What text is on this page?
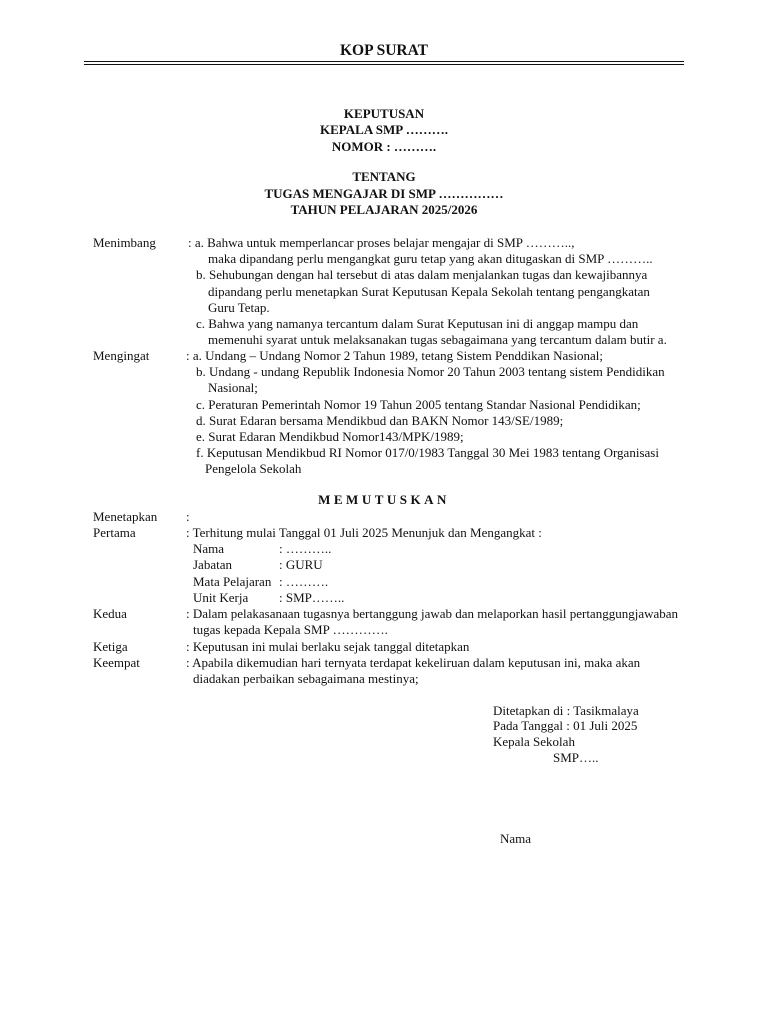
KOP SURAT
KEPUTUSAN
KEPALA SMP ……….
NOMOR : ……….
TENTANG
TUGAS MENGAJAR DI SMP ……………
TAHUN PELAJARAN 2025/2026
Menimbang : a. Bahwa untuk memperlancar proses belajar mengajar di SMP ………..,
maka dipandang perlu mengangkat guru tetap yang akan ditugaskan di SMP ………..
b. Sehubungan dengan hal tersebut di atas dalam menjalankan tugas dan kewajibannya
dipandang perlu menetapkan Surat Keputusan Kepala Sekolah tentang pengangkatan
Guru Tetap.
c. Bahwa yang namanya tercantum dalam Surat Keputusan ini di anggap mampu dan
memenuhi syarat untuk melaksanakan tugas sebagaimana yang tercantum dalam butir a.
Mengingat	: a. Undang – Undang Nomor 2 Tahun 1989, tetang Sistem Penddikan Nasional;
b. Undang - undang Republik Indonesia Nomor 20 Tahun 2003 tentang sistem Pendidikan
Nasional;
c. Peraturan Pemerintah Nomor 19 Tahun 2005 tentang Standar Nasional Pendidikan;
d. Surat Edaran bersama Mendikbud dan BAKN Nomor 143/SE/1989;
e. Surat Edaran Mendikbud Nomor143/MPK/1989;
f. Keputusan Mendikbud RI Nomor 017/0/1983 Tanggal 30 Mei 1983 tentang Organisasi
Pengelola Sekolah
MEMUTUSKAN
Menetapkan :
Pertama	: Terhitung mulai Tanggal 01 Juli 2025 Menunjuk dan Mengangkat :
Nama	: ………..
Jabatan	: GURU
Mata Pelajaran : ……….
Unit Kerja : SMP……..
Kedua	: Dalam pelakasanaan tugasnya bertanggung jawab dan melaporkan hasil pertanggungjawaban
tugas kepada Kepala SMP ………….
Ketiga	: Keputusan ini mulai berlaku sejak tanggal ditetapkan
Keempat	: Apabila dikemudian hari ternyata terdapat kekeliruan dalam keputusan ini, maka akan
diadakan perbaikan sebagaimana mestinya;
Ditetapkan di : Tasikmalaya
Pada Tanggal : 01 Juli 2025
Kepala Sekolah
SMP…..
Nama
